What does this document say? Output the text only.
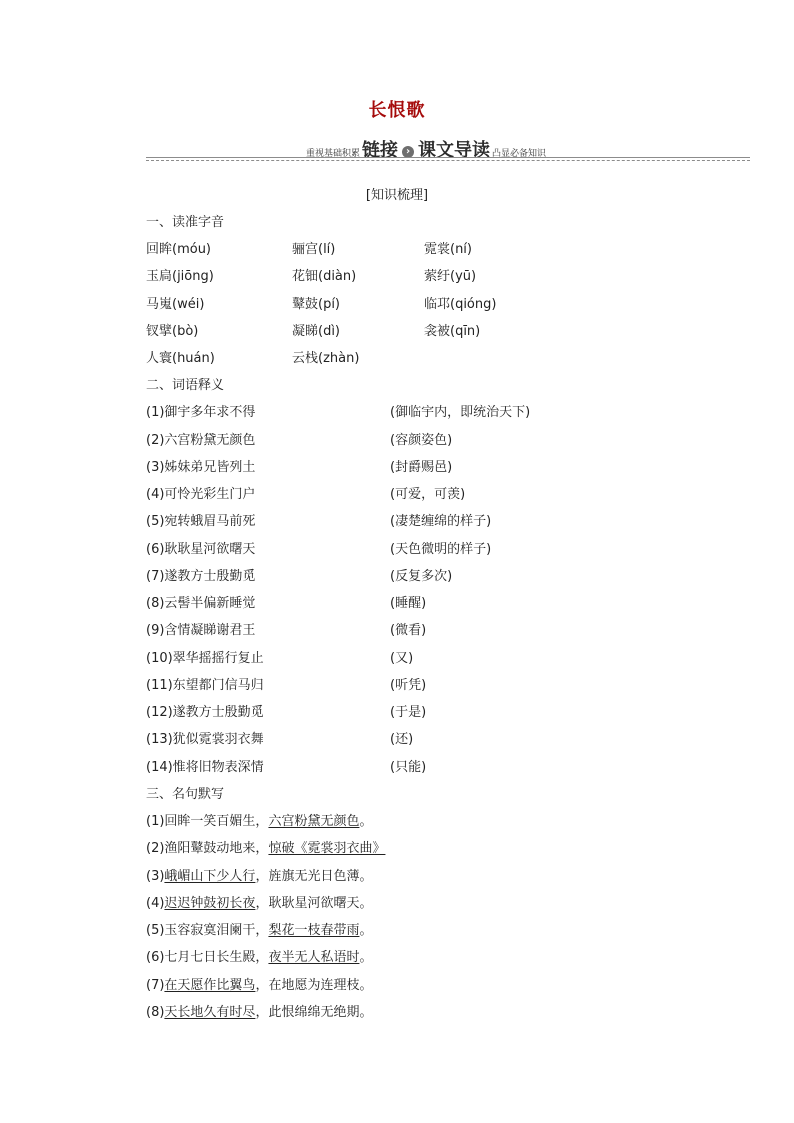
长恨歌
重视基础积累 链接 › 课文导读 凸显必备知识
[知识梳理]
一、读准字音
回眸(móu)	骊宫(lí)	霓裳(ní)
玉扃(jiōng)	花钿(diàn)	萦纡(yū)
马嵬(wéi)	鼙鼓(pí)	临邛(qióng)
钗擘(bò)	凝睇(dì)	衾被(qīn)
人寰(huán)	云栈(zhàn)
二、词语释义
(1)御宇多年求不得	(御临宇内，即统治天下)
(2)六宫粉黛无颜色	(容颜姿色)
(3)姊妹弟兄皆列土	(封爵赐邑)
(4)可怜光彩生门户	(可爱，可羡)
(5)宛转蛾眉马前死	(凄楚缠绵的样子)
(6)耿耿星河欲曙天	(天色微明的样子)
(7)遂教方士殷勤觅	(反复多次)
(8)云髻半偏新睡觉	(睡醒)
(9)含情凝睇谢君王	(微看)
(10)翠华摇摇行复止	(又)
(11)东望都门信马归	(听凭)
(12)遂教方士殷勤觅	(于是)
(13)犹似霓裳羽衣舞	(还)
(14)惟将旧物表深情	(只能)
三、名句默写
(1)回眸一笑百媚生，六宫粉黛无颜色。
(2)渔阳鼙鼓动地来，惊破《霓裳羽衣曲》
(3)峨嵋山下少人行，旌旗无光日色薄。
(4)迟迟钟鼓初长夜，耿耿星河欲曙天。
(5)玉容寂寞泪阑干，梨花一枝春带雨。
(6)七月七日长生殿，夜半无人私语时。
(7)在天愿作比翼鸟，在地愿为连理枝。
(8)天长地久有时尽，此恨绵绵无绝期。
